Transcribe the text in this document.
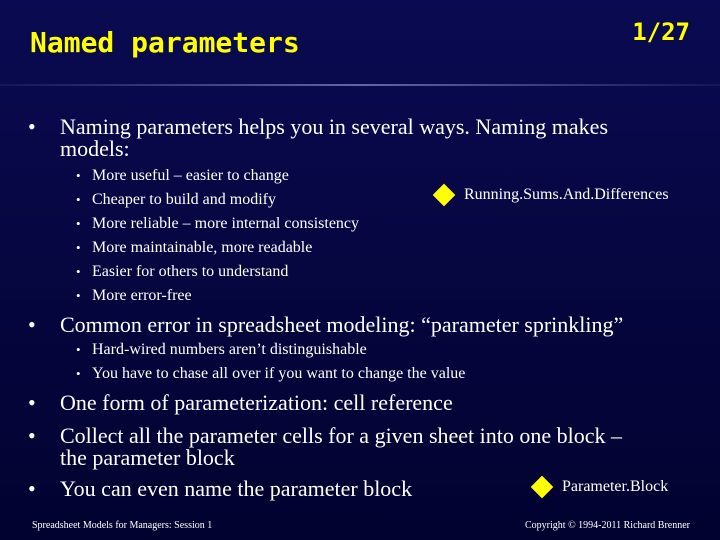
Named parameters	1/27
• Naming parameters helps you in several ways. Naming makes
models:
• More useful – easier to change
• Cheaper to build and modify
• More reliable – more internal consistency
• More maintainable, more readable
• Easier for others to understand
• More error-free
Running.Sums.And.Differences
• Common error in spreadsheet modeling: “parameter sprinkling”
• Hard-wired numbers aren’t distinguishable
• You have to chase all over if you want to change the value
• One form of parameterization: cell reference
• Collect all the parameter cells for a given sheet into one block –
the parameter block
• You can even name the parameter block	Parameter.Block
Spreadsheet Models for Managers: Session 1	Copyright © 1994-2011 Richard Brenner
